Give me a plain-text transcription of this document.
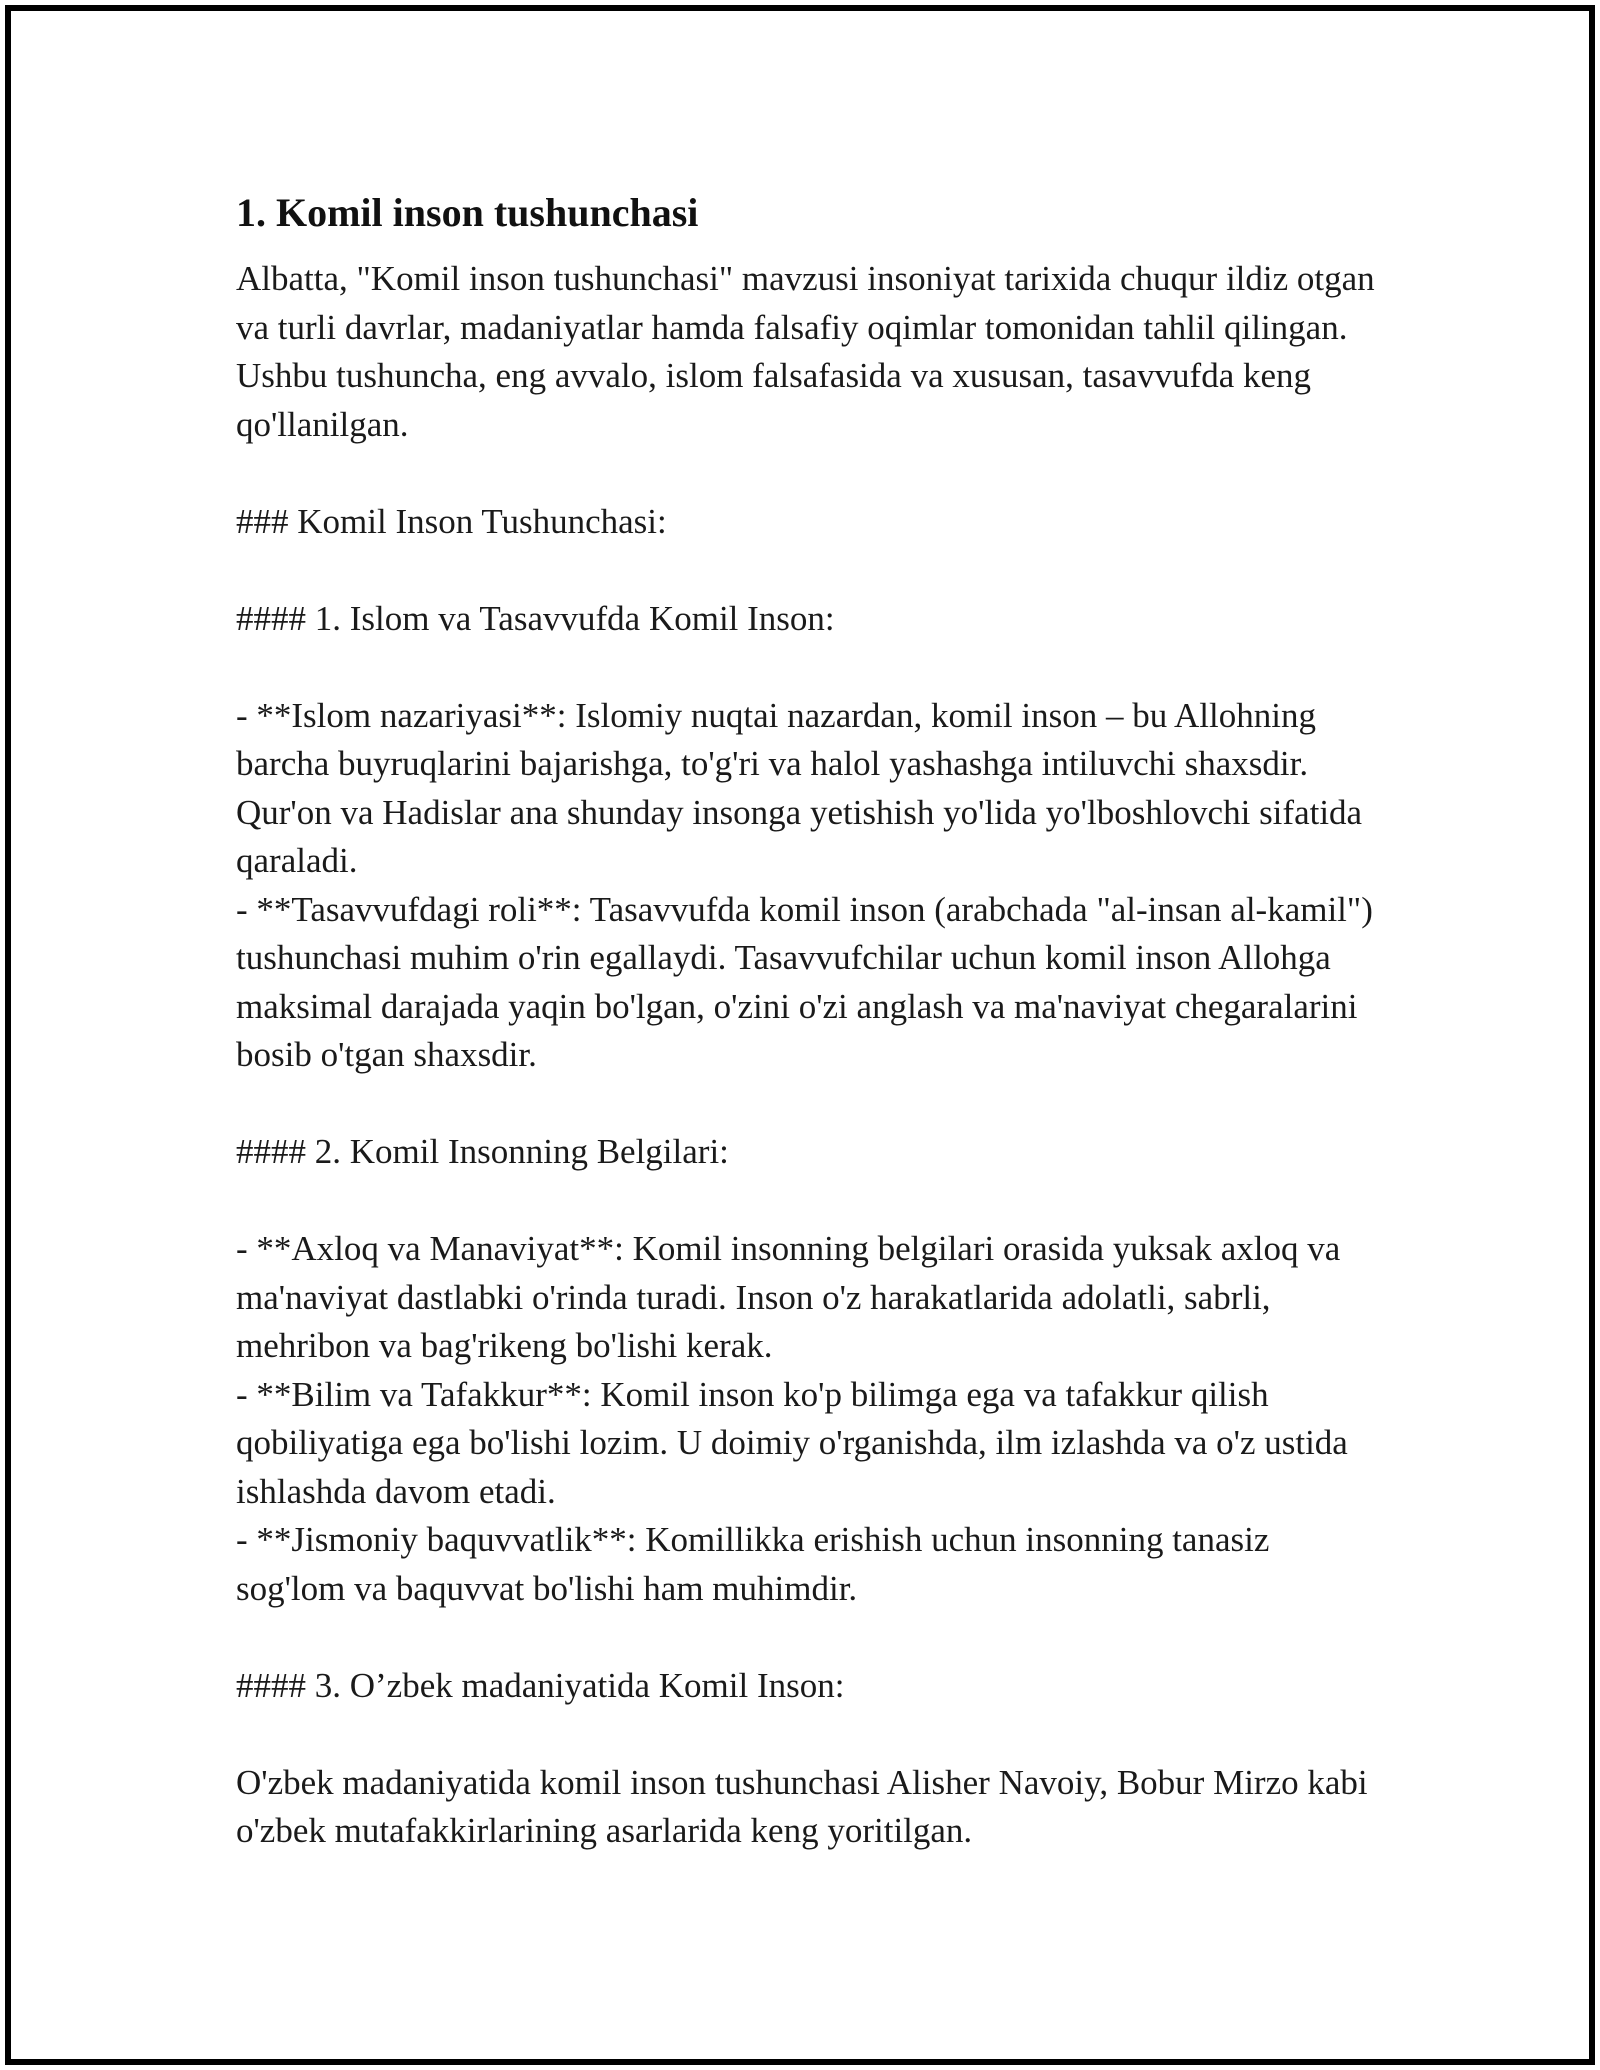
1. Komil inson tushunchasi

Albatta, "Komil inson tushunchasi" mavzusi insoniyat tarixida chuqur ildiz otgan va turli davrlar, madaniyatlar hamda falsafiy oqimlar tomonidan tahlil qilingan. Ushbu tushuncha, eng avvalo, islom falsafasida va xususan, tasavvufda keng qo'llanilgan.

### Komil Inson Tushunchasi:

#### 1. Islom va Tasavvufda Komil Inson:

- **Islom nazariyasi**: Islomiy nuqtai nazardan, komil inson – bu Allohning barcha buyruqlarini bajarishga, to'g'ri va halol yashashga intiluvchi shaxsdir. Qur'on va Hadislar ana shunday insonga yetishish yo'lida yo'lboshlovchi sifatida qaraladi.

- **Tasavvufdagi roli**: Tasavvufda komil inson (arabchada "al-insan al-kamil") tushunchasi muhim o'rin egallaydi. Tasavvufchilar uchun komil inson Allohga maksimal darajada yaqin bo'lgan, o'zini o'zi anglash va ma'naviyat chegaralarini bosib o'tgan shaxsdir.

#### 2. Komil Insonning Belgilari:

- **Axloq va Manaviyat**: Komil insonning belgilari orasida yuksak axloq va ma'naviyat dastlabki o'rinda turadi. Inson o'z harakatlarida adolatli, sabrli, mehribon va bag'rikeng bo'lishi kerak.

- **Bilim va Tafakkur**: Komil inson ko'p bilimga ega va tafakkur qilish qobiliyatiga ega bo'lishi lozim. U doimiy o'rganishda, ilm izlashda va o'z ustida ishlashda davom etadi.

- **Jismoniy baquvvatlik**: Komillikka erishish uchun insonning tanasiz sog'lom va baquvvat bo'lishi ham muhimdir.

#### 3. O’zbek madaniyatida Komil Inson:

O'zbek madaniyatida komil inson tushunchasi Alisher Navoiy, Bobur Mirzo kabi o'zbek mutafakkirlarining asarlarida keng yoritilgan.
